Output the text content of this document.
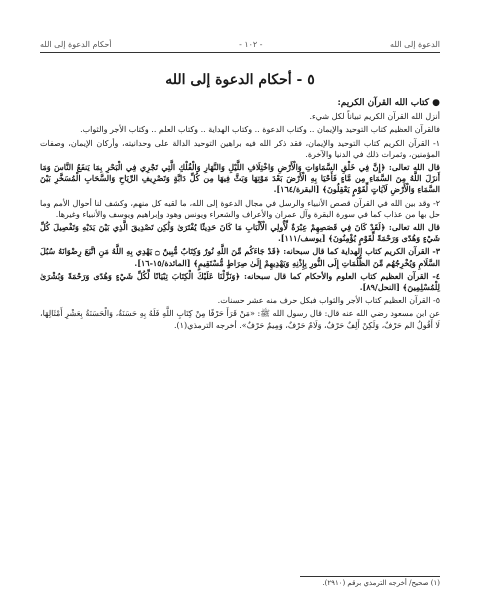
الدعوة إلى الله
- ١٠٢ -
أحكام الدعوة إلى الله
٥ - أحكام الدعوة إلى الله

● كتاب الله القرآن الكريم:

أنزل الله القرآن الكريم تبياناً لكل شيء.

فالقرآن العظيم كتاب التوحيد والإيمان .. وكتاب الدعوة .. وكتاب الهداية .. وكتاب العلم .. وكتاب الأجر والثواب.

١- القرآن الكريم كتاب التوحيد والإيمان، فقد ذكر الله فيه براهين التوحيد الدالة على وحدانيته، وأركان الإيمان، وصفات المؤمنين، وثمرات ذلك في الدنيا والآخرة.

قال الله تعالى: ﴿إِنَّ فِي خَلْقِ السَّمَاوَاتِ وَالْأَرْضِ وَاخْتِلَافِ اللَّيْلِ وَالنَّهَارِ وَالْفُلْكِ الَّتِي تَجْرِي فِي الْبَحْرِ بِمَا يَنفَعُ النَّاسَ وَمَا أَنزَلَ اللَّهُ مِنَ السَّمَاءِ مِن مَّاءٍ فَأَحْيَا بِهِ الْأَرْضَ بَعْدَ مَوْتِهَا وَبَثَّ فِيهَا مِن كُلِّ دَابَّةٍ وَتَصْرِيفِ الرِّيَاحِ وَالسَّحَابِ الْمُسَخَّرِ بَيْنَ السَّمَاءِ وَالْأَرْضِ لَآيَاتٍ لِّقَوْمٍ يَعْقِلُونَ﴾ [البقرة/١٦٤].

٢- وقد بين الله في القرآن قصص الأنبياء والرسل في مجال الدعوة إلى الله، ما لقيه كل منهم، وكشف لنا أحوال الأمم وما حل بها من عذاب كما في سورة البقرة وآل عمران والأعراف والشعراء ويونس وهود وإبراهيم ويوسف والأنبياء وغيرها.

قال الله تعالى: ﴿لَقَدْ كَانَ فِي قَصَصِهِمْ عِبْرَةٌ لِّأُولِي الْأَلْبَابِ مَا كَانَ حَدِيثًا يُفْتَرَىٰ وَلَٰكِن تَصْدِيقَ الَّذِي بَيْنَ يَدَيْهِ وَتَفْصِيلَ كُلِّ شَيْءٍ وَهُدًى وَرَحْمَةً لِّقَوْمٍ يُؤْمِنُونَ﴾ [يوسف/١١١].

٣- القرآن الكريم كتاب الهداية كما قال سبحانه: ﴿قَدْ جَاءَكُم مِّنَ اللَّهِ نُورٌ وَكِتَابٌ مُّبِينٌ ۝ يَهْدِي بِهِ اللَّهُ مَنِ اتَّبَعَ رِضْوَانَهُ سُبُلَ السَّلَامِ وَيُخْرِجُهُم مِّنَ الظُّلُمَاتِ إِلَى النُّورِ بِإِذْنِهِ وَيَهْدِيهِمْ إِلَىٰ صِرَاطٍ مُّسْتَقِيمٍ﴾ [المائدة/١٥-١٦].

٤- القرآن العظيم كتاب العلوم والأحكام كما قال سبحانه: ﴿وَنَزَّلْنَا عَلَيْكَ الْكِتَابَ تِبْيَانًا لِّكُلِّ شَيْءٍ وَهُدًى وَرَحْمَةً وَبُشْرَىٰ لِلْمُسْلِمِينَ﴾ [النحل/٨٩].

٥- القرآن العظيم كتاب الأجر والثواب فبكل حرف منه عشر حسنات.

عن ابن مسعود رضي الله عنه قال: قال رسول الله ﷺ: «مَنْ قَرَأَ حَرْفًا مِنْ كِتَابِ اللَّهِ فَلَهُ بِهِ حَسَنَةٌ، وَالْحَسَنَةُ بِعَشْرِ أَمْثَالِهَا، لَا أَقُولُ الم حَرْفٌ، وَلَكِنْ أَلِفٌ حَرْفٌ، وَلَامٌ حَرْفٌ، وَمِيمٌ حَرْفٌ». أخرجه الترمذي(١).

(١) صحيح/ أخرجه الترمذي برقم (٢٩١٠).
